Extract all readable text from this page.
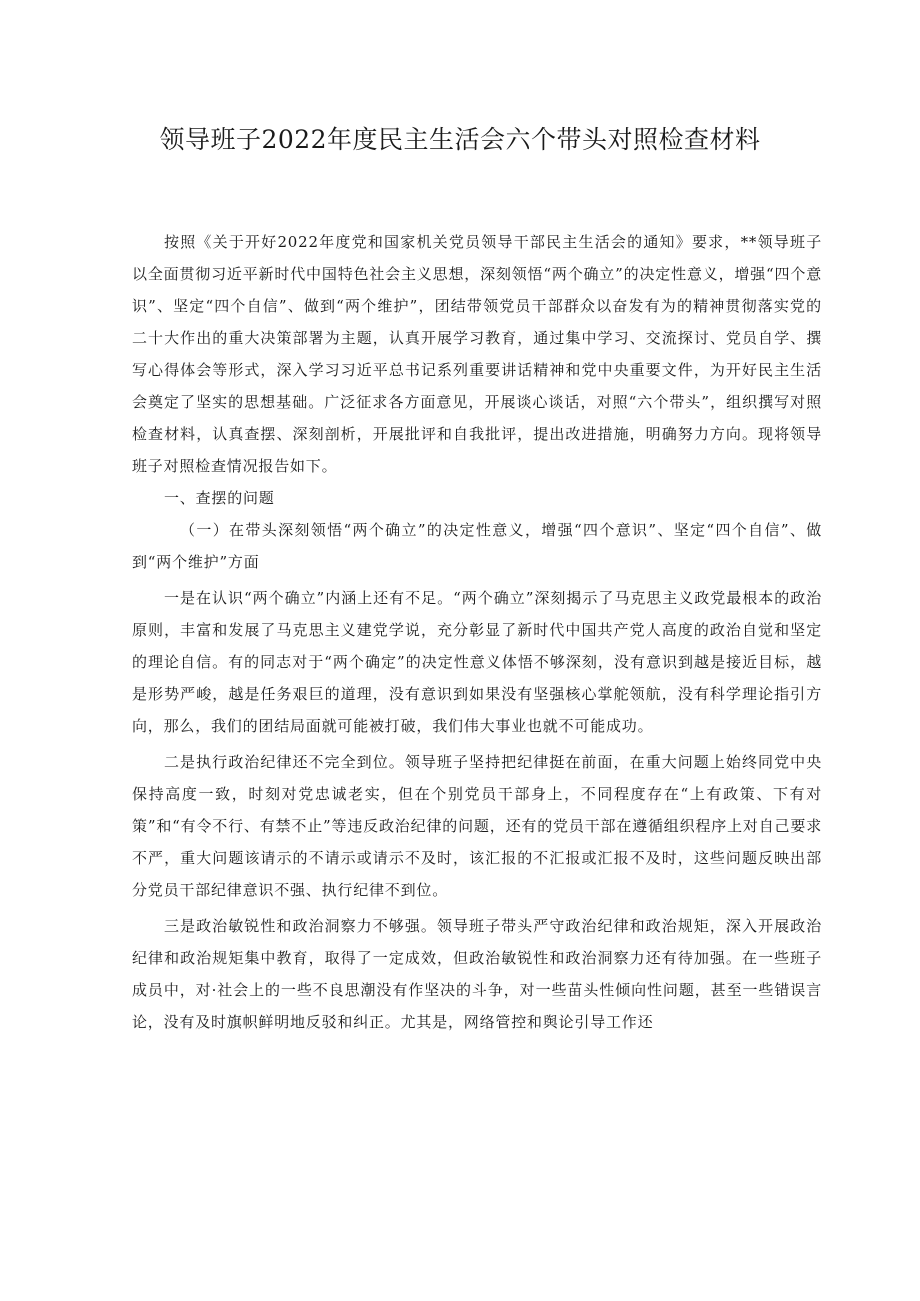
领导班子2022年度民主生活会六个带头对照检查材料

按照《关于开好2022年度党和国家机关党员领导干部民主生活会的通知》要求，**领导班子以全面贯彻习近平新时代中国特色社会主义思想，深刻领悟“两个确立”的决定性意义，增强“四个意识”、坚定“四个自信”、做到“两个维护”，团结带领党员干部群众以奋发有为的精神贯彻落实党的二十大作出的重大决策部署为主题，认真开展学习教育，通过集中学习、交流探讨、党员自学、撰写心得体会等形式，深入学习习近平总书记系列重要讲话精神和党中央重要文件，为开好民主生活会奠定了坚实的思想基础。广泛征求各方面意见，开展谈心谈话，对照“六个带头”，组织撰写对照检查材料，认真查摆、深刻剖析，开展批评和自我批评，提出改进措施，明确努力方向。现将领导班子对照检查情况报告如下。

一、查摆的问题

（一）在带头深刻领悟“两个确立”的决定性意义，增强“四个意识”、坚定“四个自信”、做到“两个维护”方面

一是在认识“两个确立”内涵上还有不足。“两个确立”深刻揭示了马克思主义政党最根本的政治原则，丰富和发展了马克思主义建党学说，充分彰显了新时代中国共产党人高度的政治自觉和坚定的理论自信。有的同志对于“两个确定”的决定性意义体悟不够深刻，没有意识到越是接近目标，越是形势严峻，越是任务艰巨的道理，没有意识到如果没有坚强核心掌舵领航，没有科学理论指引方向，那么，我们的团结局面就可能被打破，我们伟大事业也就不可能成功。

二是执行政治纪律还不完全到位。领导班子坚持把纪律挺在前面，在重大问题上始终同党中央保持高度一致，时刻对党忠诚老实，但在个别党员干部身上，不同程度存在“上有政策、下有对策”和“有令不行、有禁不止”等违反政治纪律的问题，还有的党员干部在遵循组织程序上对自己要求不严，重大问题该请示的不请示或请示不及时，该汇报的不汇报或汇报不及时，这些问题反映出部分党员干部纪律意识不强、执行纪律不到位。

三是政治敏锐性和政治洞察力不够强。领导班子带头严守政治纪律和政治规矩，深入开展政治纪律和政治规矩集中教育，取得了一定成效，但政治敏锐性和政治洞察力还有待加强。在一些班子成员中，对·社会上的一些不良思潮没有作坚决的斗争，对一些苗头性倾向性问题，甚至一些错误言论，没有及时旗帜鲜明地反驳和纠正。尤其是，网络管控和舆论引导工作还
